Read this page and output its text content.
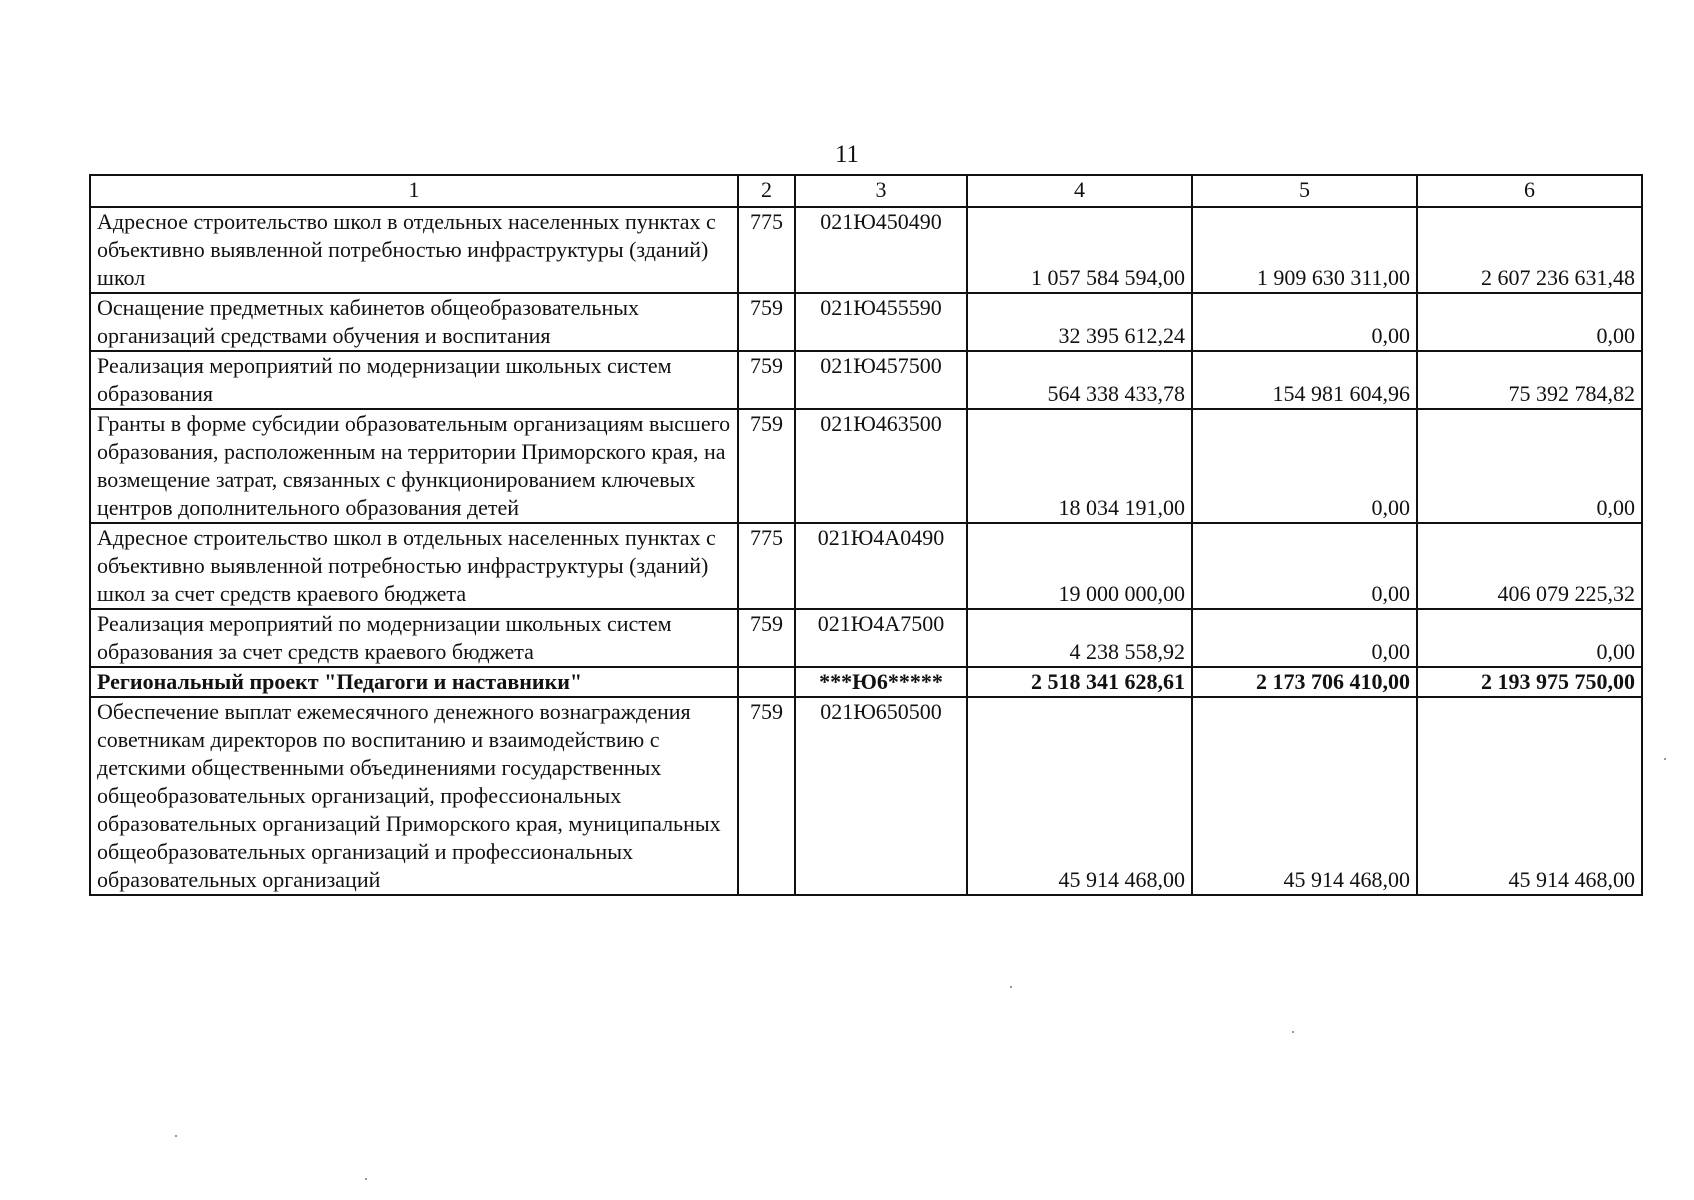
11
1	2	3	4	5	6
Адресное строительство школ в отдельных населенных пунктах с объективно выявленной потребностью инфраструктуры (зданий) школ	775	021Ю450490	1 057 584 594,00	1 909 630 311,00	2 607 236 631,48
Оснащение предметных кабинетов общеобразовательных организаций средствами обучения и воспитания	759	021Ю455590	32 395 612,24	0,00	0,00
Реализация мероприятий по модернизации школьных систем образования	759	021Ю457500	564 338 433,78	154 981 604,96	75 392 784,82
Гранты в форме субсидии образовательным организациям высшего образования, расположенным на территории Приморского края, на возмещение затрат, связанных с функционированием ключевых центров дополнительного образования детей	759	021Ю463500	18 034 191,00	0,00	0,00
Адресное строительство школ в отдельных населенных пунктах с объективно выявленной потребностью инфраструктуры (зданий) школ за счет средств краевого бюджета	775	021Ю4А0490	19 000 000,00	0,00	406 079 225,32
Реализация мероприятий по модернизации школьных систем образования за счет средств краевого бюджета	759	021Ю4А7500	4 238 558,92	0,00	0,00
Региональный проект "Педагоги и наставники"		***Ю6*****	2 518 341 628,61	2 173 706 410,00	2 193 975 750,00
Обеспечение выплат ежемесячного денежного вознаграждения советникам директоров по воспитанию и взаимодействию с детскими общественными объединениями государственных общеобразовательных организаций, профессиональных образовательных организаций Приморского края, муниципальных общеобразовательных организаций и профессиональных образовательных организаций	759	021Ю650500	45 914 468,00	45 914 468,00	45 914 468,00
